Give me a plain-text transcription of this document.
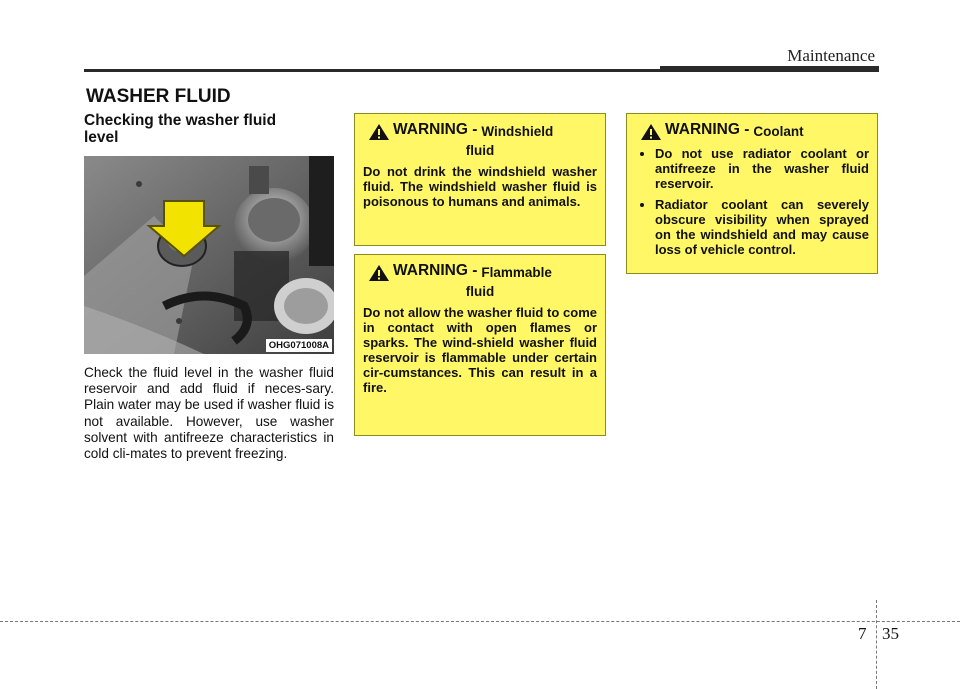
Maintenance
WASHER FLUID
Checking the washer fluid level
OHG071008A
Check the fluid level in the washer fluid reservoir and add fluid if neces-sary. Plain water may be used if washer fluid is not available. However, use washer solvent with antifreeze characteristics in cold cli-mates to prevent freezing.
WARNING - Windshield
fluid
Do not drink the windshield washer fluid. The windshield washer fluid is poisonous to humans and animals.
WARNING - Flammable
fluid
Do not allow the washer fluid to come in contact with open flames or sparks. The wind-shield washer fluid reservoir is flammable under certain cir-cumstances. This can result in a fire.
WARNING - Coolant
• Do not use radiator coolant or antifreeze in the washer fluid reservoir.
• Radiator coolant can severely obscure visibility when sprayed on the windshield and may cause loss of vehicle control.
7 35
